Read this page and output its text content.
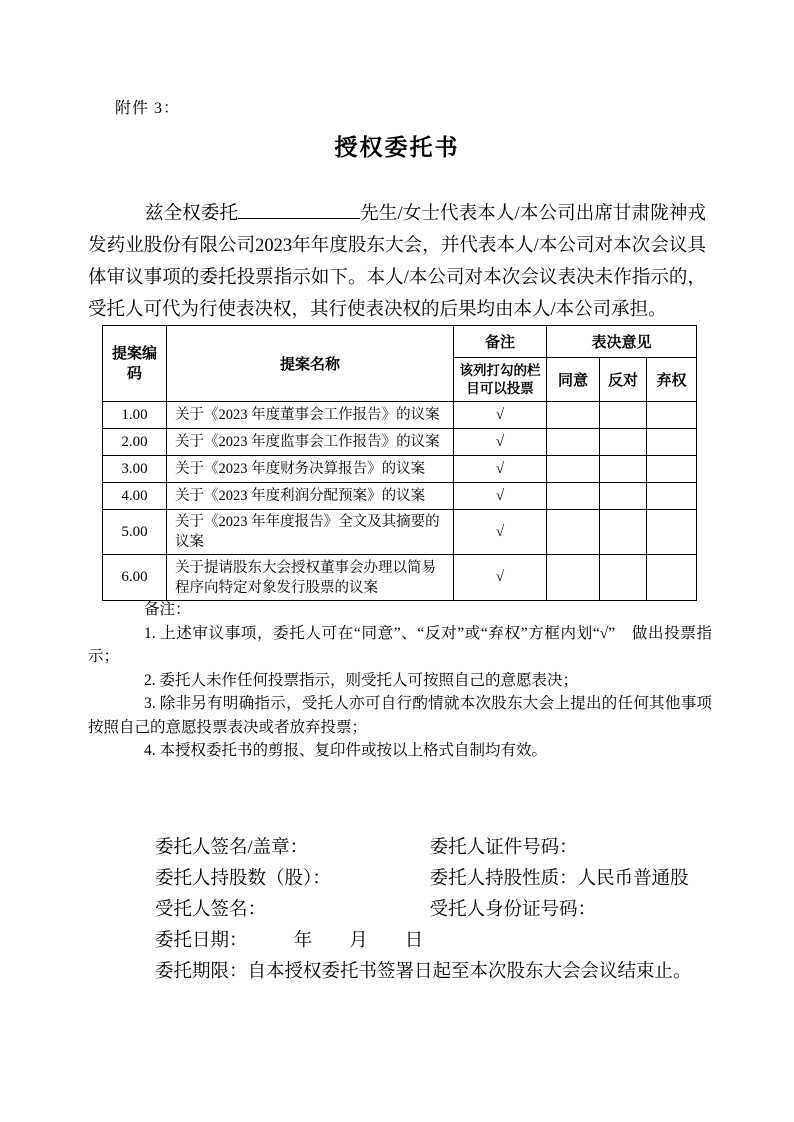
附件 3：
授权委托书

兹全权委托	先生/女士代表本人/本公司出席甘肃陇神戎发药业股份有限公司2023年年度股东大会，并代表本人/本公司对本次会议具体审议事项的委托投票指示如下。本人/本公司对本次会议表决未作指示的，受托人可代为行使表决权，其行使表决权的后果均由本人/本公司承担。

提案编码	提案名称	备注	表决意见		
		该列打勾的栏目可以投票	同意	反对	弃权
1.00	关于《2023 年度董事会工作报告》的议案	√			
2.00	关于《2023 年度监事会工作报告》的议案	√			
3.00	关于《2023 年度财务决算报告》的议案	√			
4.00	关于《2023 年度利润分配预案》的议案	√			
5.00	关于《2023 年年度报告》全文及其摘要的议案	√			
6.00	关于提请股东大会授权董事会办理以简易程序向特定对象发行股票的议案	√			
备注：
1. 上述审议事项，委托人可在“同意”、“反对”或“弃权”方框内划“√”　做出投票指示；
2. 委托人未作任何投票指示，则受托人可按照自己的意愿表决；
3. 除非另有明确指示，受托人亦可自行酌情就本次股东大会上提出的任何其他事项按照自己的意愿投票表决或者放弃投票；
4. 本授权委托书的剪报、复印件或按以上格式自制均有效。
委托人签名/盖章：	委托人证件号码：
委托人持股数（股）：	委托人持股性质：人民币普通股
受托人签名：	受托人身份证号码：
委托日期：　　　年　　月　　日
委托期限：自本授权委托书签署日起至本次股东大会会议结束止。
